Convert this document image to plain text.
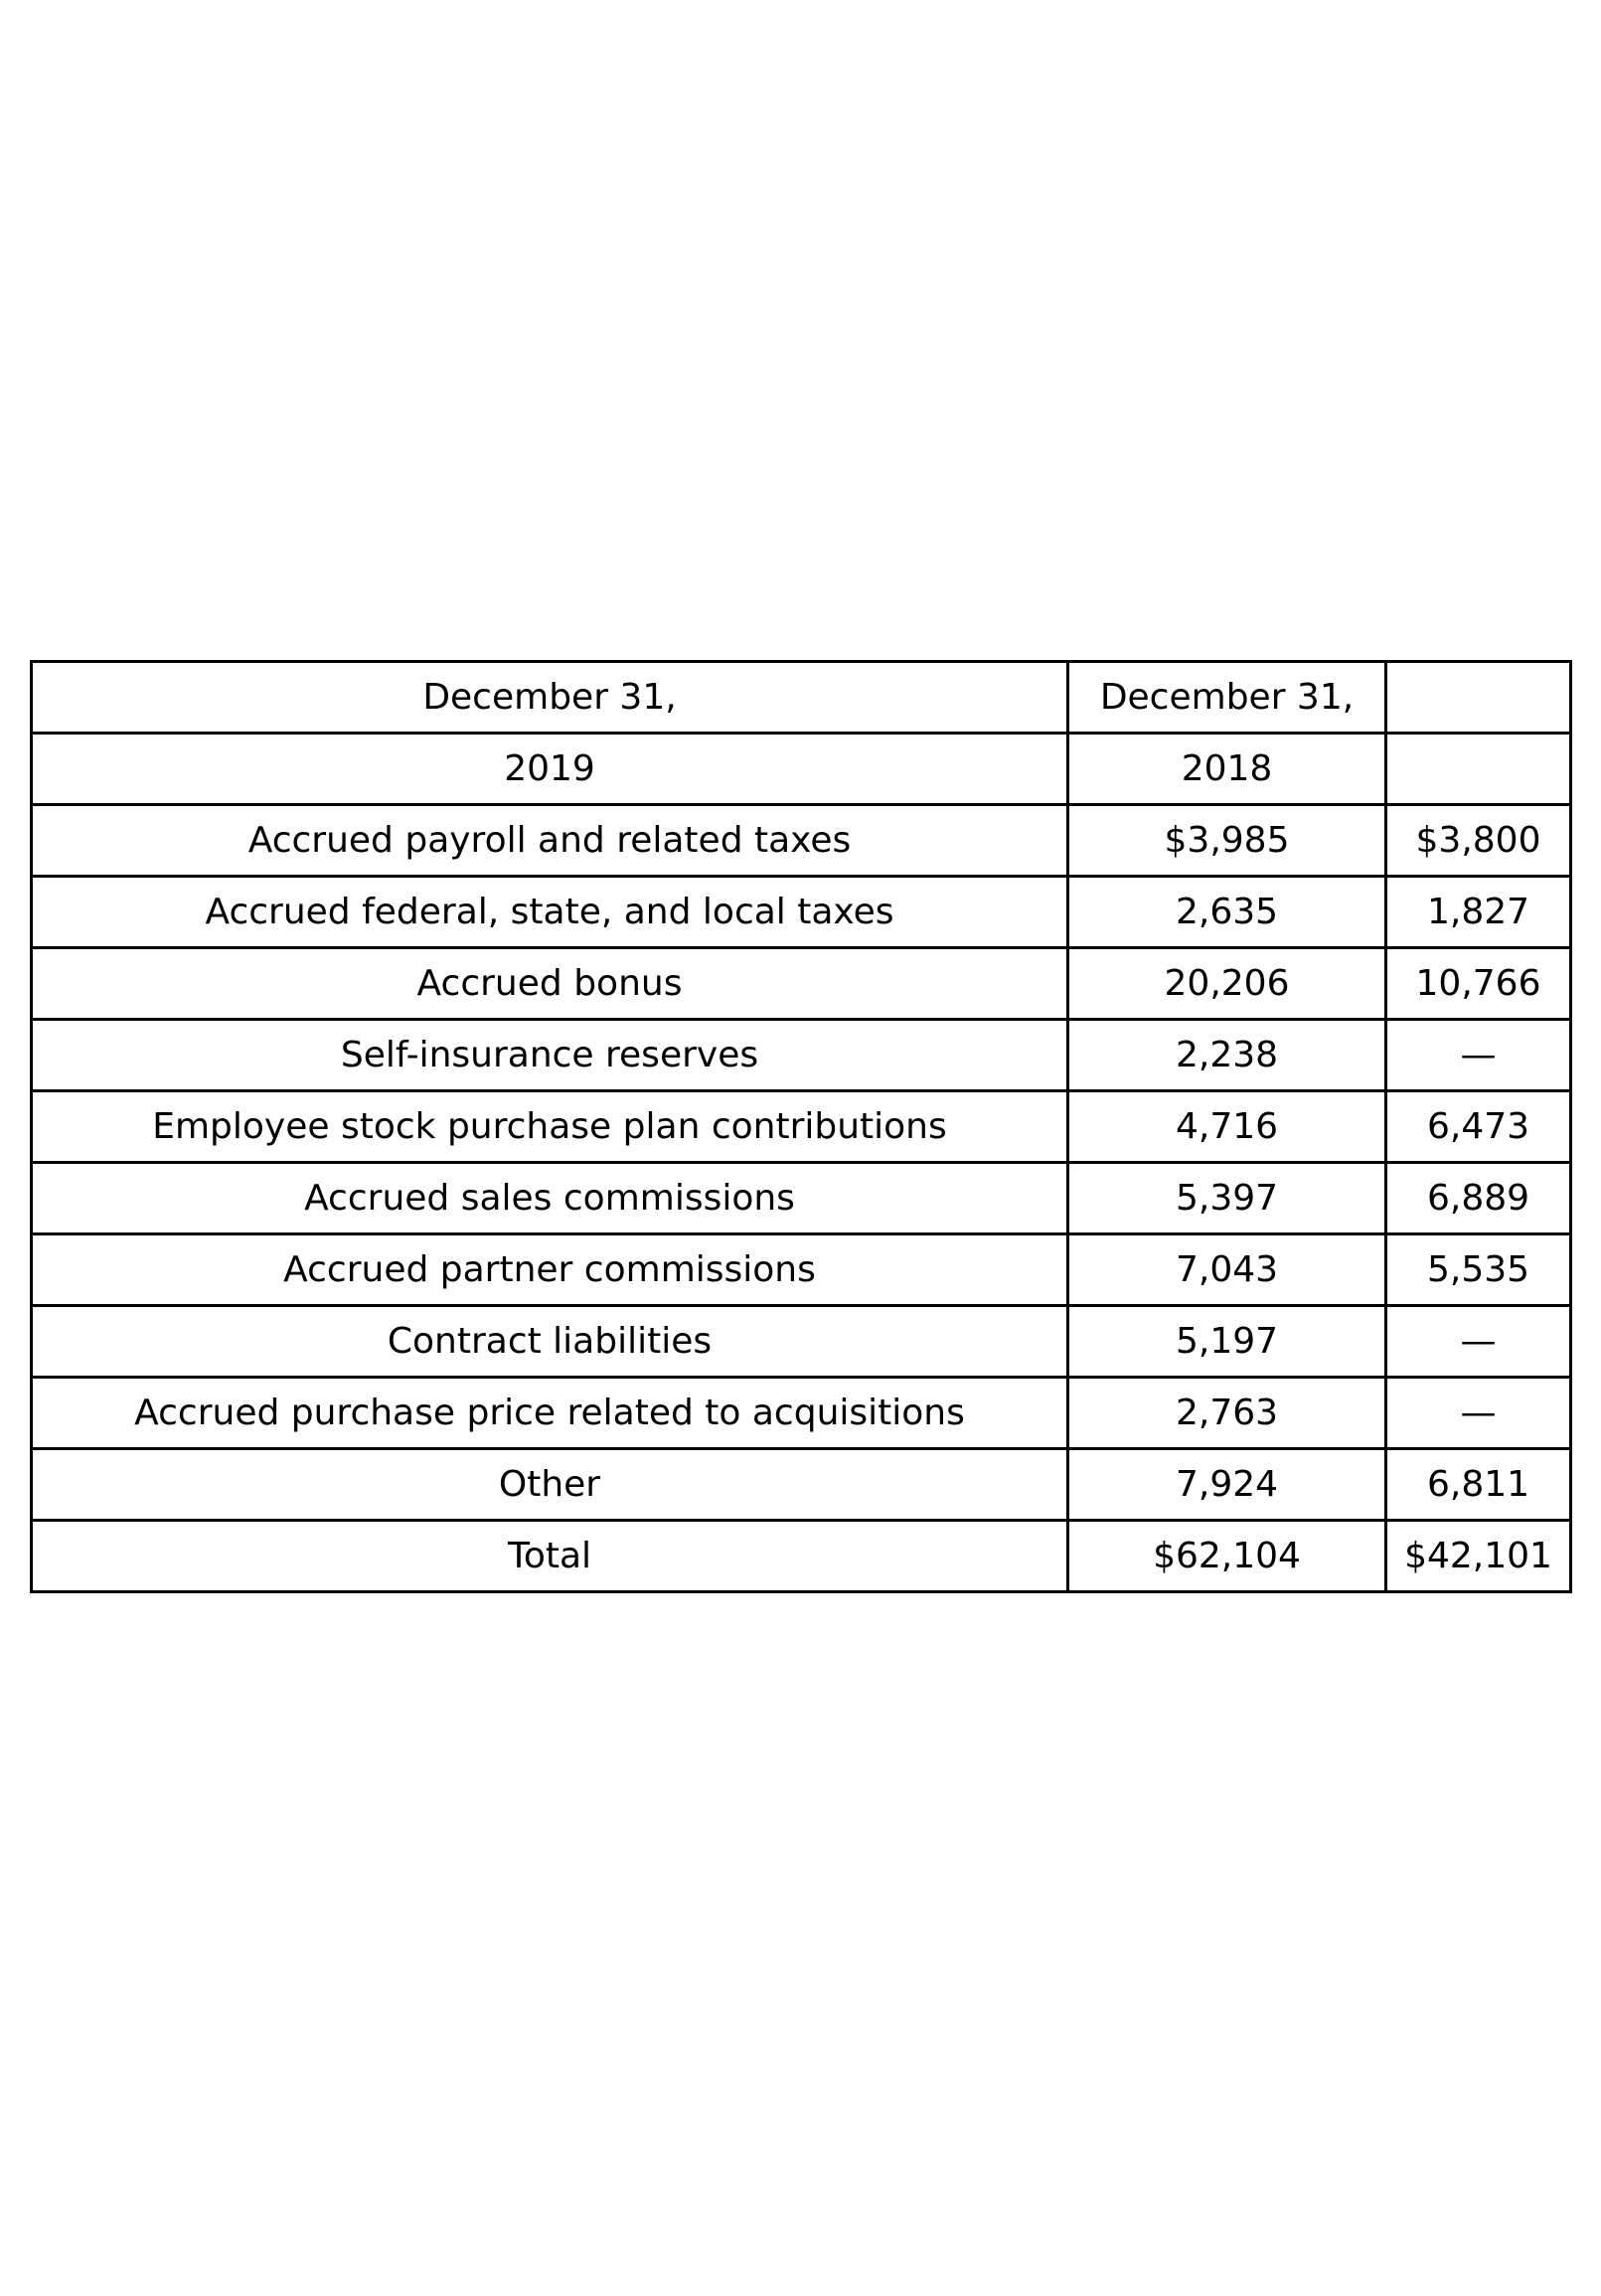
December 31,	December 31,	
2019	2018	
Accrued payroll and related taxes	$3,985	$3,800
Accrued federal, state, and local taxes	2,635	1,827
Accrued bonus	20,206	10,766
Self-insurance reserves	2,238	—
Employee stock purchase plan contributions	4,716	6,473
Accrued sales commissions	5,397	6,889
Accrued partner commissions	7,043	5,535
Contract liabilities	5,197	—
Accrued purchase price related to acquisitions	2,763	—
Other	7,924	6,811
Total	$62,104	$42,101
